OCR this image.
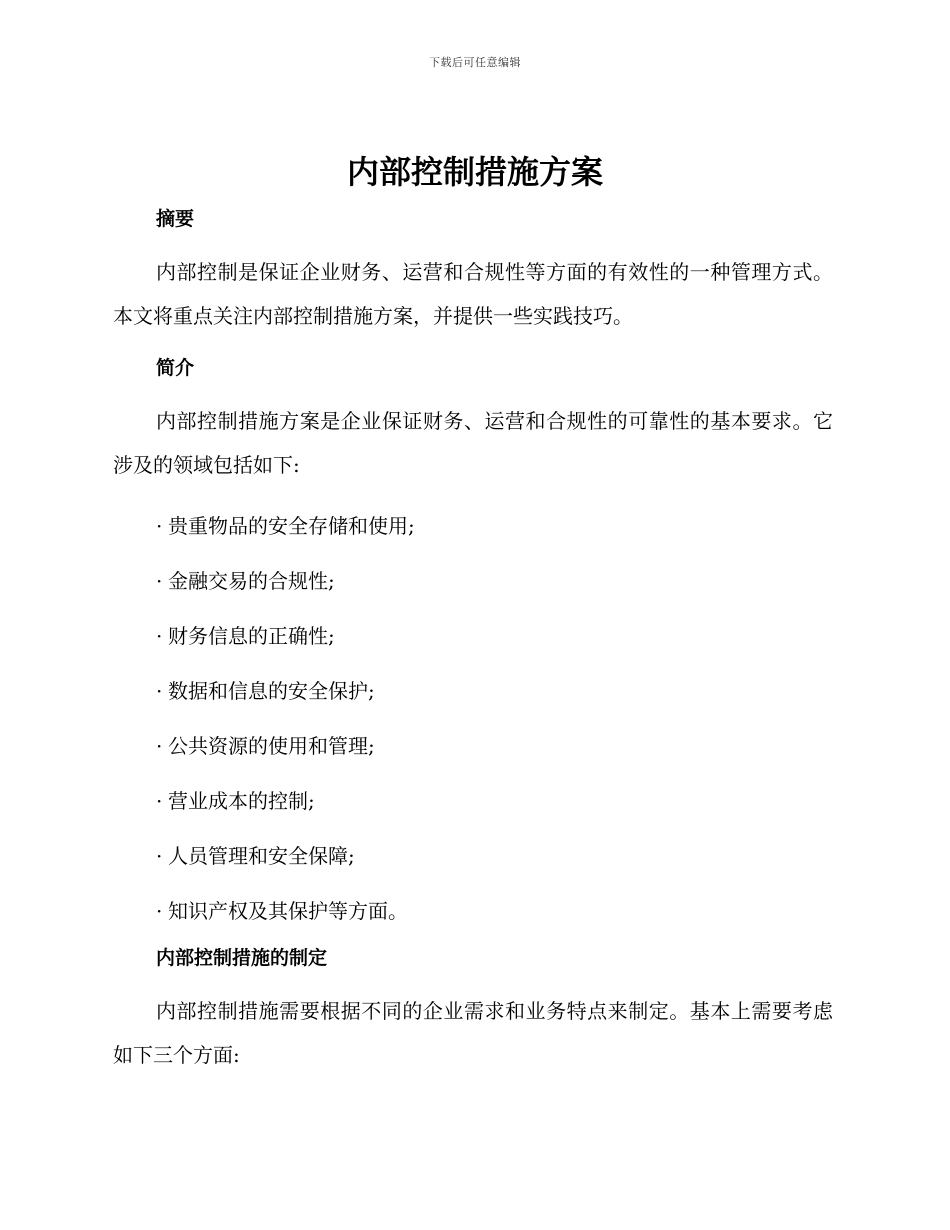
下载后可任意编辑
内部控制措施方案
摘要

内部控制是保证企业财务、运营和合规性等方面的有效性的一种管理方式。本文将重点关注内部控制措施方案，并提供一些实践技巧。

简介

内部控制措施方案是企业保证财务、运营和合规性的可靠性的基本要求。它涉及的领域包括如下:

· 贵重物品的安全存储和使用;
· 金融交易的合规性;
· 财务信息的正确性;
· 数据和信息的安全保护;
· 公共资源的使用和管理;
· 营业成本的控制;
· 人员管理和安全保障;
· 知识产权及其保护等方面。
内部控制措施的制定

内部控制措施需要根据不同的企业需求和业务特点来制定。基本上需要考虑如下三个方面:
